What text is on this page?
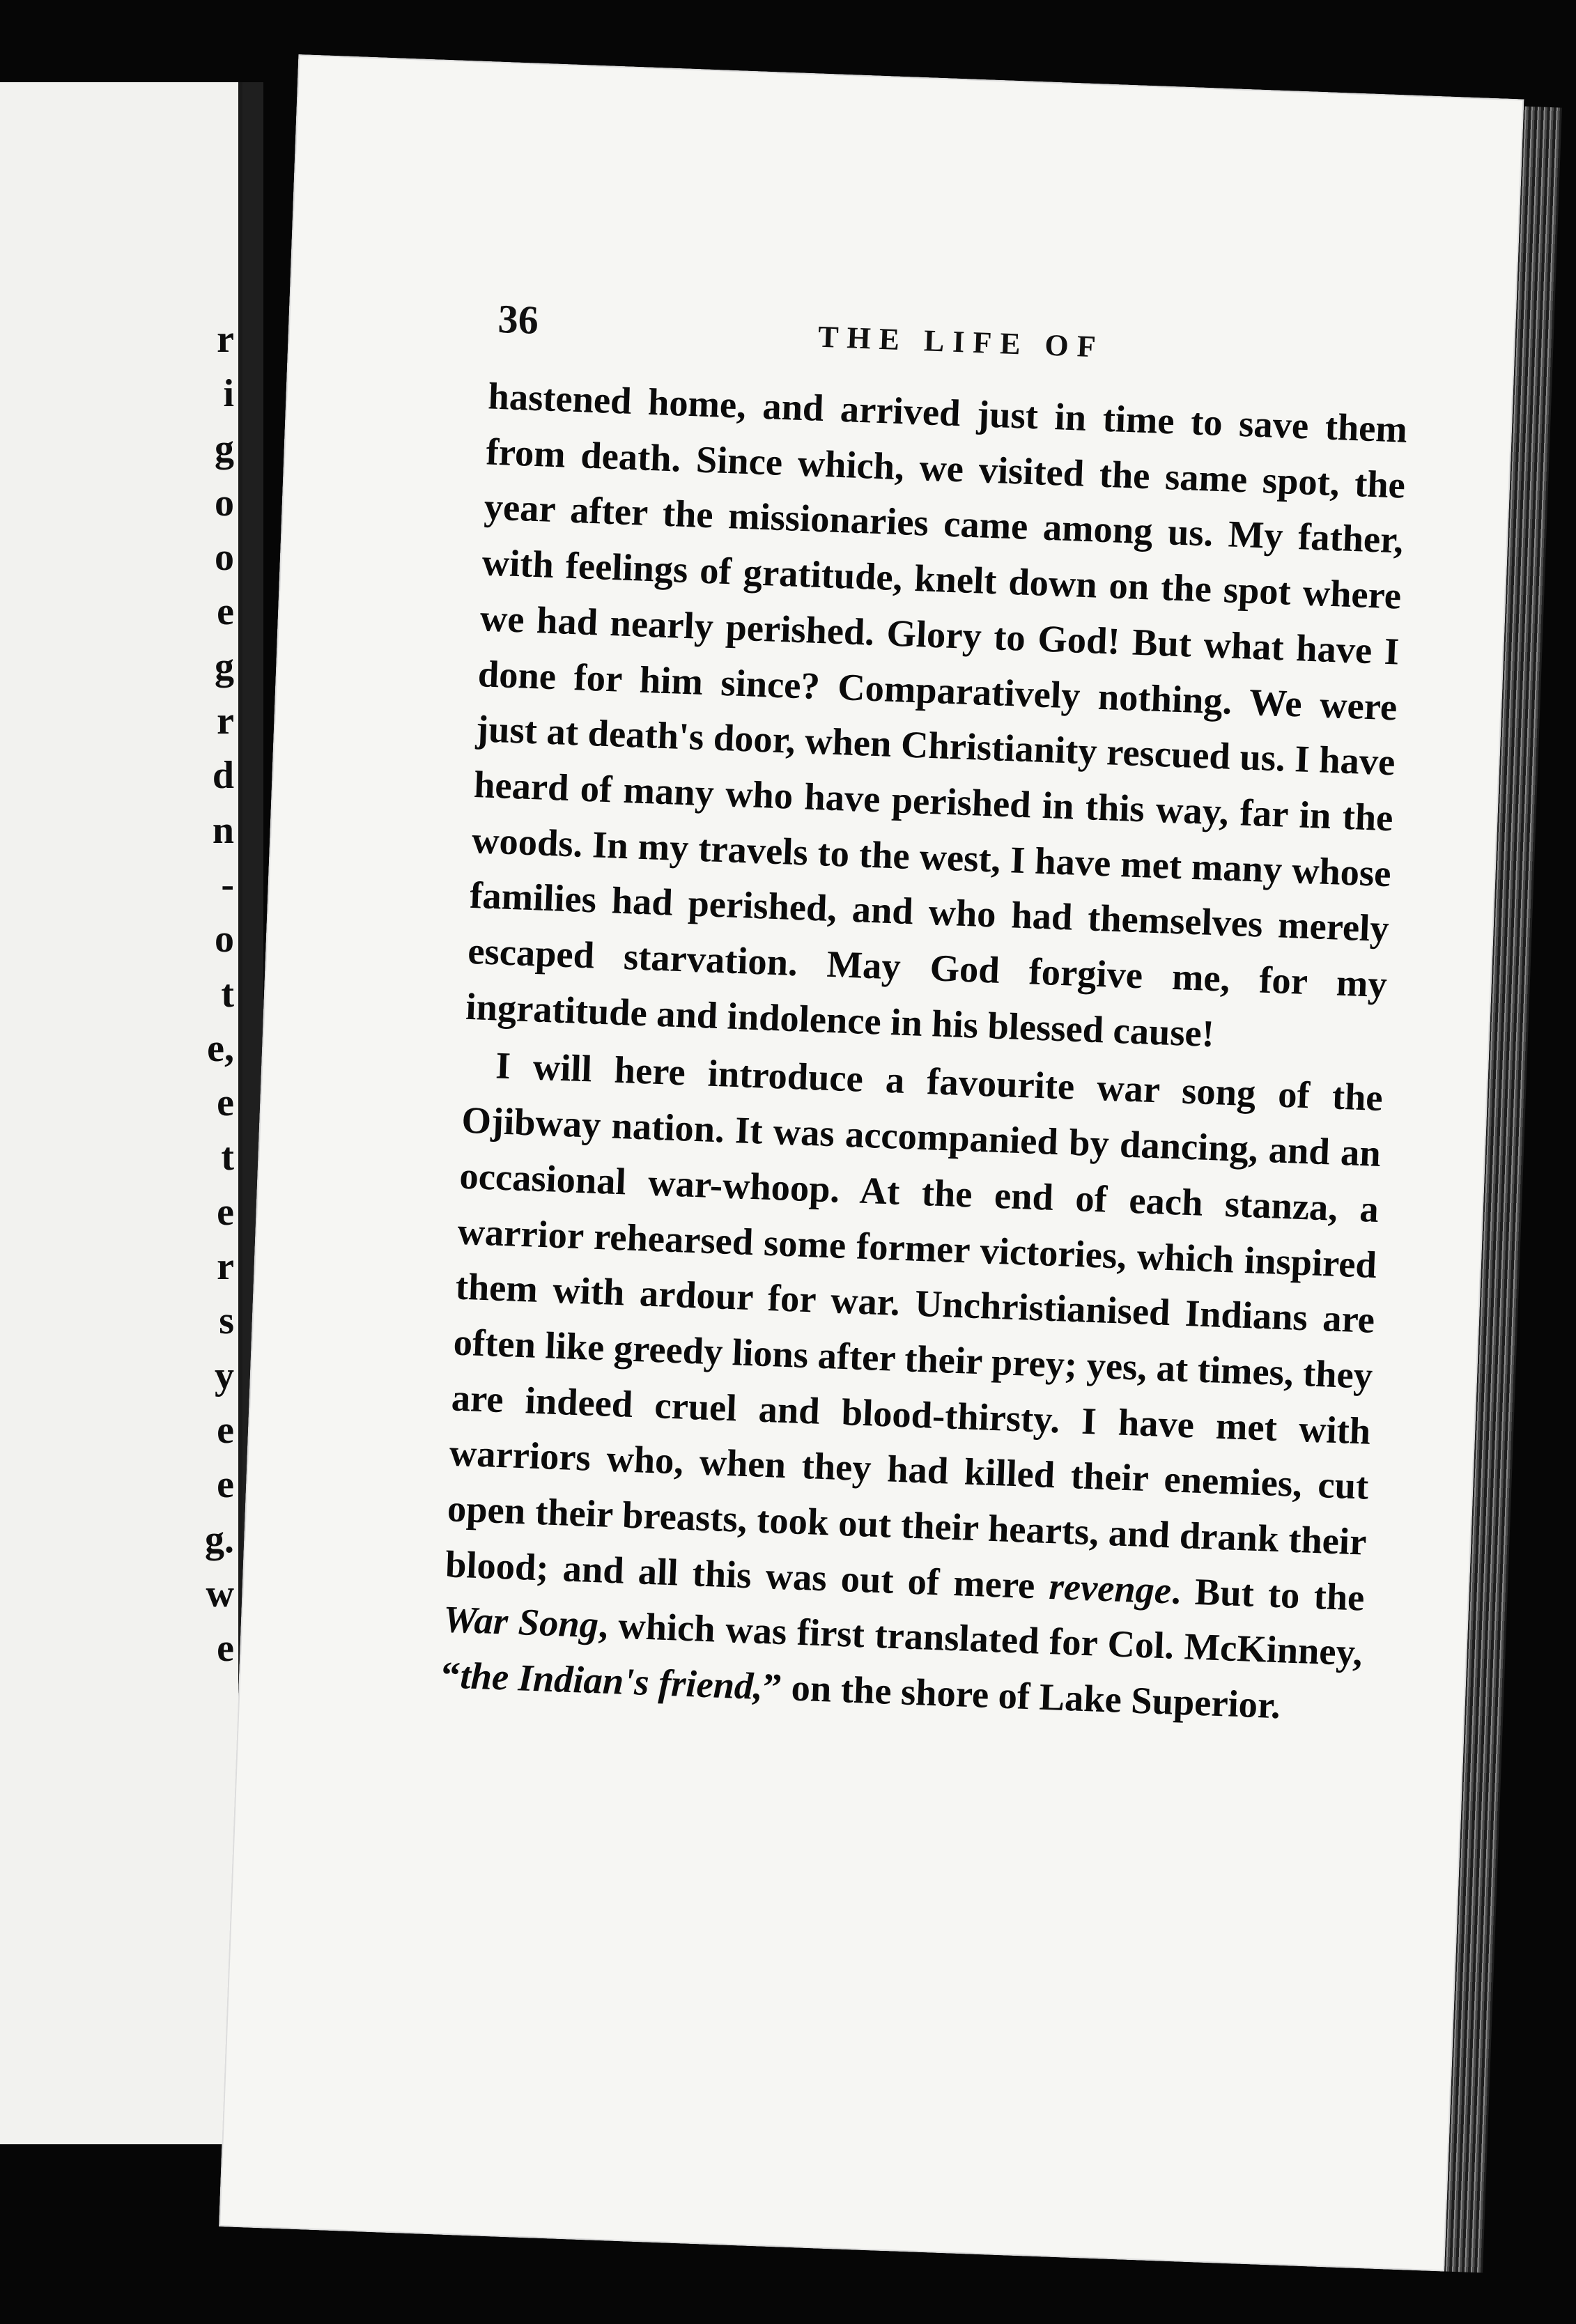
r
i
g
o
o
e
g
r
d
n
-
o
t
e,
e
t
e
r
s
y
e
e
g.
w
e

36	THE LIFE OF

hastened home, and arrived just in time to save them from death. Since which, we visited the same spot, the year after the missionaries came among us. My father, with feelings of gratitude, knelt down on the spot where we had nearly perished. Glory to God! But what have I done for him since? Comparatively nothing. We were just at death's door, when Christianity rescued us. I have heard of many who have perished in this way, far in the woods. In my travels to the west, I have met many whose families had perished, and who had themselves merely escaped starvation. May God forgive me, for my ingratitude and indolence in his blessed cause!

I will here introduce a favourite war song of the Ojibway nation. It was accompanied by dancing, and an occasional war-whoop. At the end of each stanza, a warrior rehearsed some former victories, which inspired them with ardour for war. Unchristianised Indians are often like greedy lions after their prey; yes, at times, they are indeed cruel and blood-thirsty. I have met with warriors who, when they had killed their enemies, cut open their breasts, took out their hearts, and drank their blood; and all this was out of mere revenge. But to the War Song, which was first translated for Col. McKinney, “the Indian's friend,” on the shore of Lake Superior.
